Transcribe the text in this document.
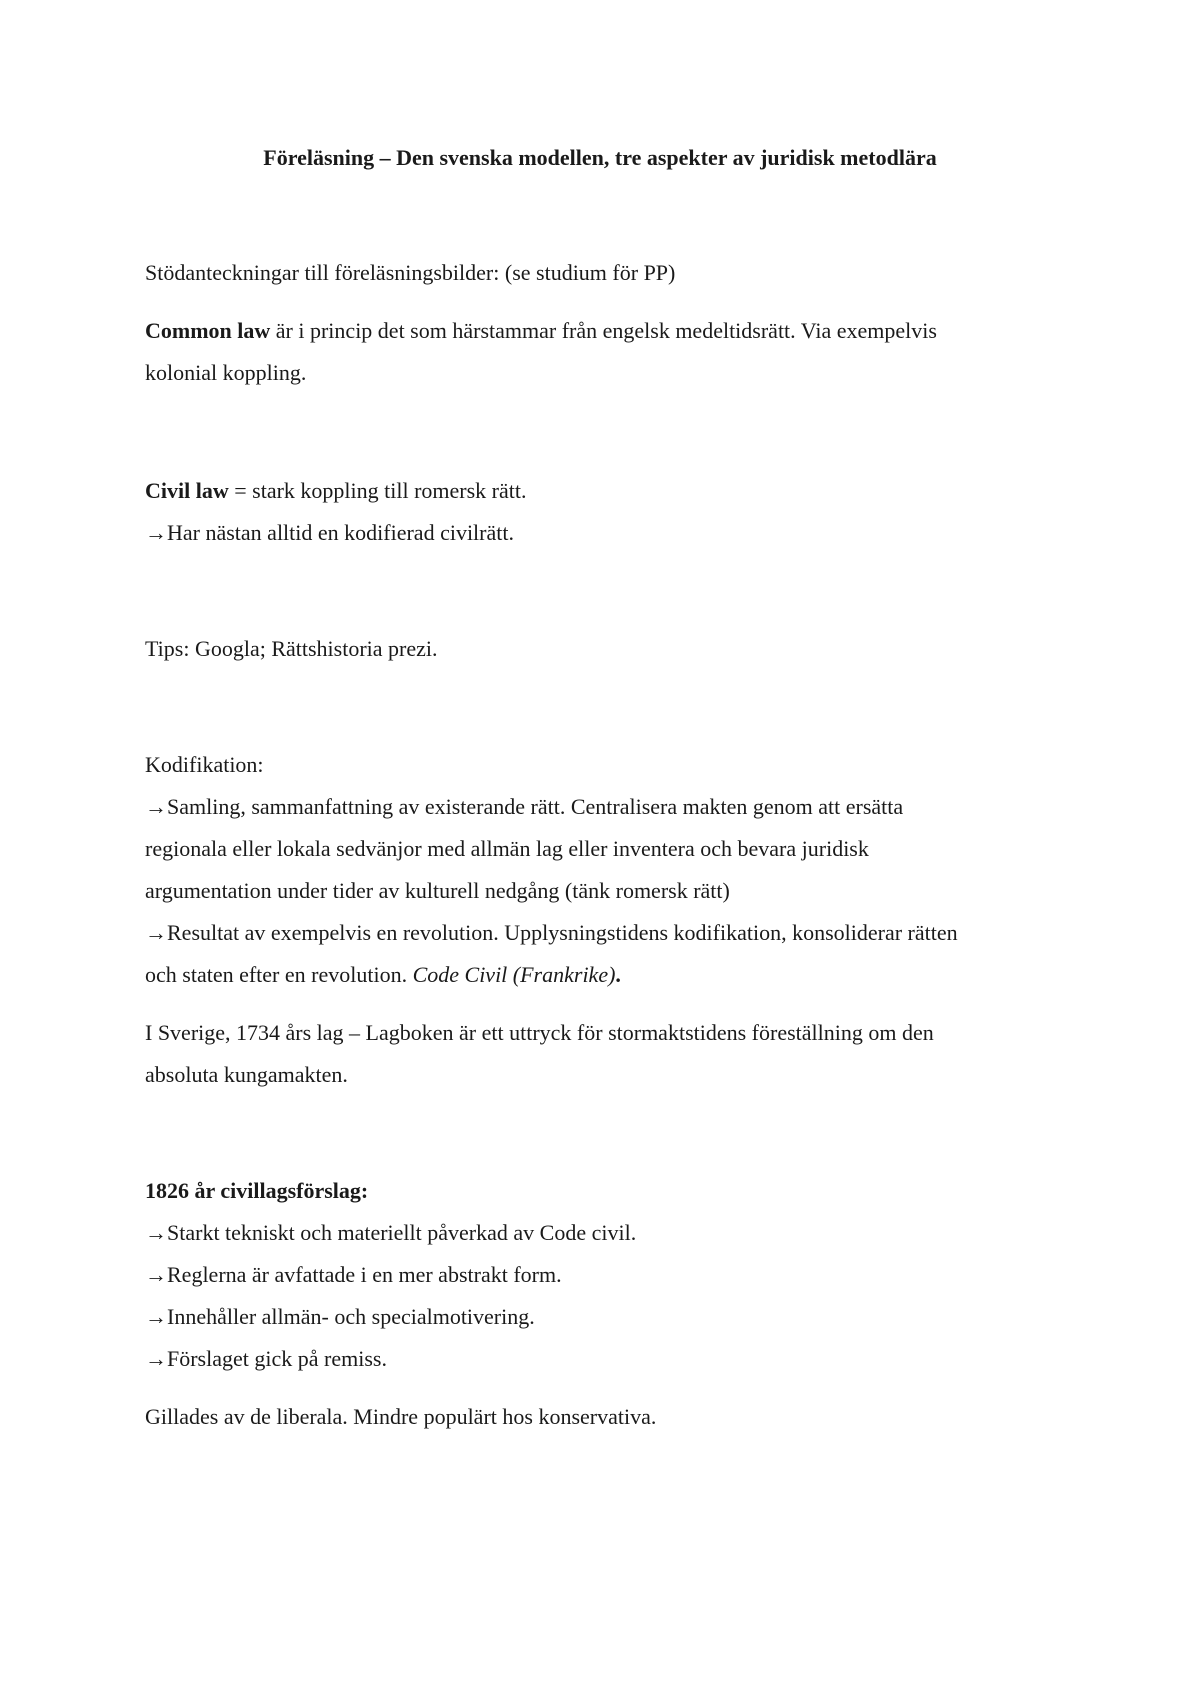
Föreläsning – Den svenska modellen, tre aspekter av juridisk metodlära
Stödanteckningar till föreläsningsbilder: (se studium för PP)
Common law är i princip det som härstammar från engelsk medeltidsrätt. Via exempelvis
kolonial koppling.
Civil law = stark koppling till romersk rätt.
→Har nästan alltid en kodifierad civilrätt.
Tips: Googla; Rättshistoria prezi.
Kodifikation:
→Samling, sammanfattning av existerande rätt. Centralisera makten genom att ersätta
regionala eller lokala sedvänjor med allmän lag eller inventera och bevara juridisk
argumentation under tider av kulturell nedgång (tänk romersk rätt)
→Resultat av exempelvis en revolution. Upplysningstidens kodifikation, konsoliderar rätten
och staten efter en revolution. Code Civil (Frankrike).
I Sverige, 1734 års lag – Lagboken är ett uttryck för stormaktstidens föreställning om den
absoluta kungamakten.
1826 år civillagsförslag:
→Starkt tekniskt och materiellt påverkad av Code civil.
→Reglerna är avfattade i en mer abstrakt form.
→Innehåller allmän- och specialmotivering.
→Förslaget gick på remiss.
Gillades av de liberala. Mindre populärt hos konservativa.
